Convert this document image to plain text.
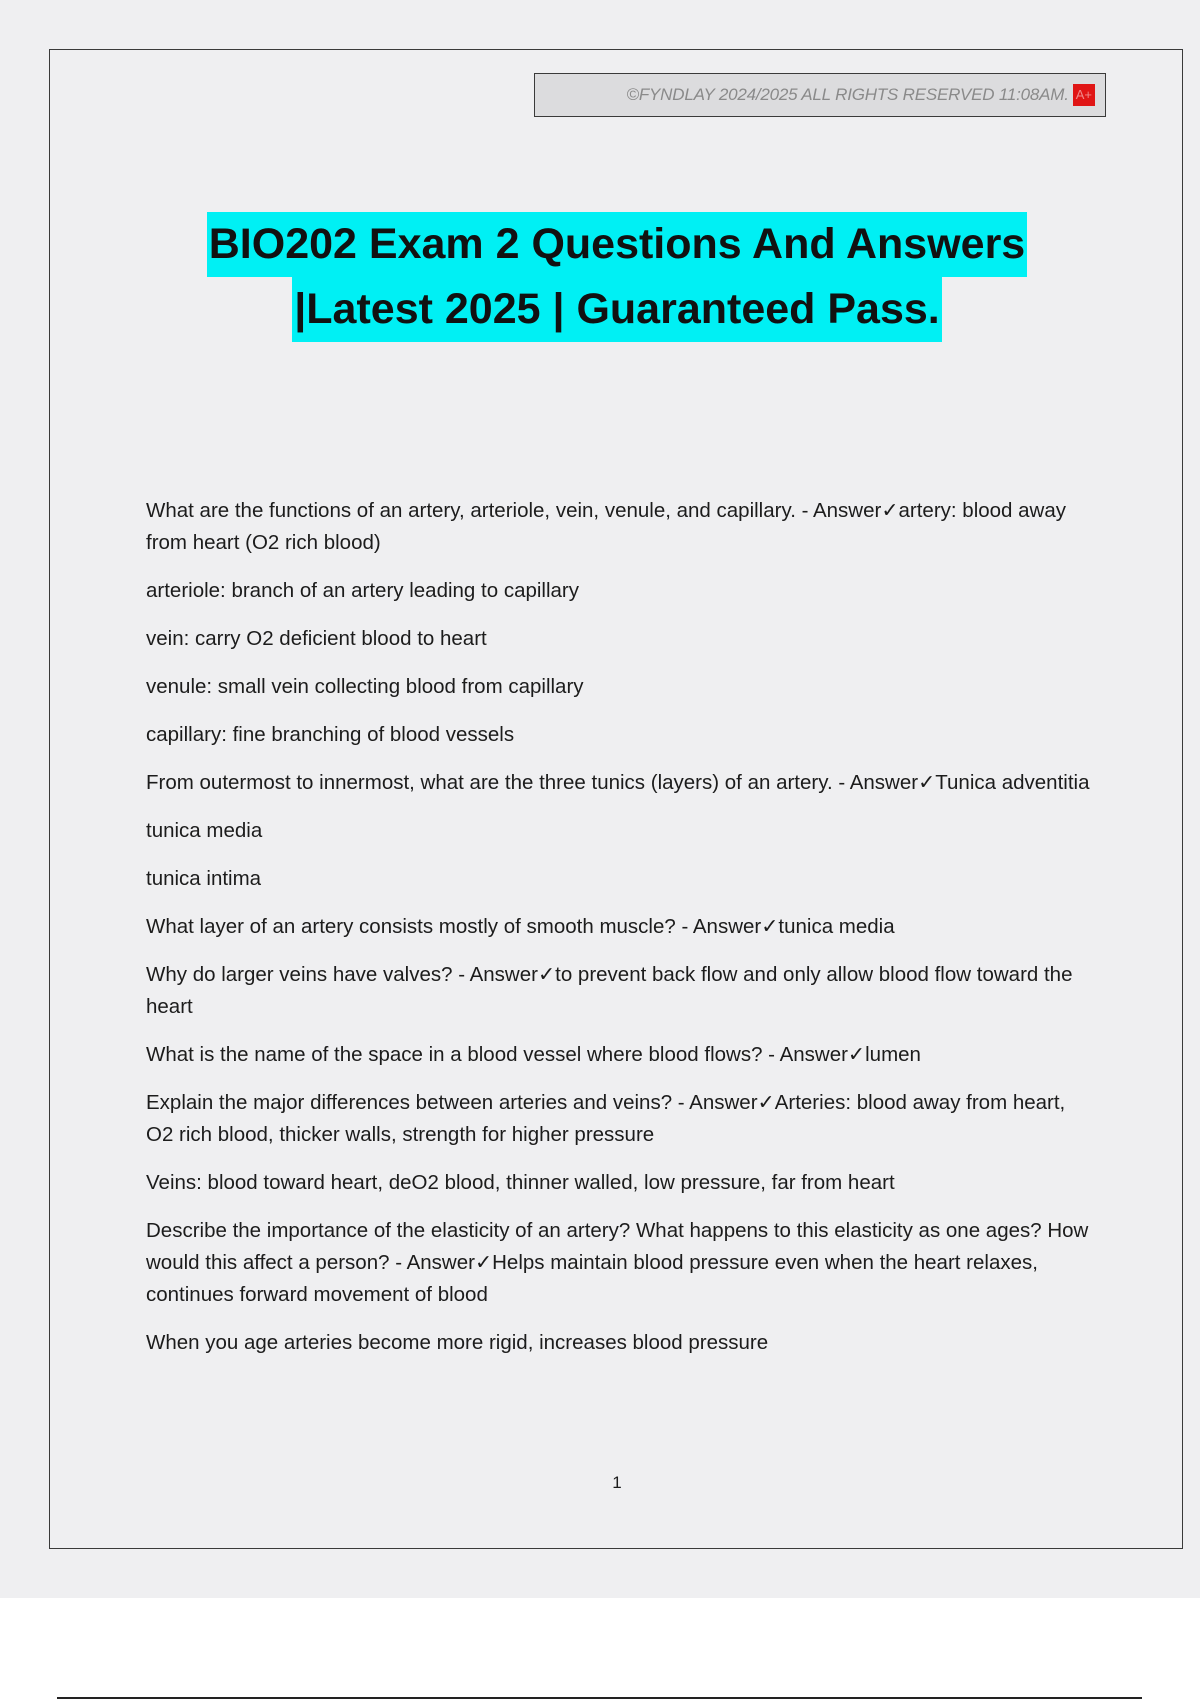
©FYNDLAY 2024/2025 ALL RIGHTS RESERVED 11:08AM. A+
BIO202 Exam 2 Questions And Answers
|Latest 2025 | Guaranteed Pass.

What are the functions of an artery, arteriole, vein, venule, and capillary. - Answer✓artery: blood away from heart (O2 rich blood)

arteriole: branch of an artery leading to capillary

vein: carry O2 deficient blood to heart

venule: small vein collecting blood from capillary

capillary: fine branching of blood vessels

From outermost to innermost, what are the three tunics (layers) of an artery. - Answer✓Tunica adventitia

tunica media

tunica intima

What layer of an artery consists mostly of smooth muscle? - Answer✓tunica media

Why do larger veins have valves? - Answer✓to prevent back flow and only allow blood flow toward the heart

What is the name of the space in a blood vessel where blood flows? - Answer✓lumen

Explain the major differences between arteries and veins? - Answer✓Arteries: blood away from heart, O2 rich blood, thicker walls, strength for higher pressure

Veins: blood toward heart, deO2 blood, thinner walled, low pressure, far from heart

Describe the importance of the elasticity of an artery? What happens to this elasticity as one ages? How would this affect a person? - Answer✓Helps maintain blood pressure even when the heart relaxes, continues forward movement of blood

When you age arteries become more rigid, increases blood pressure

1
